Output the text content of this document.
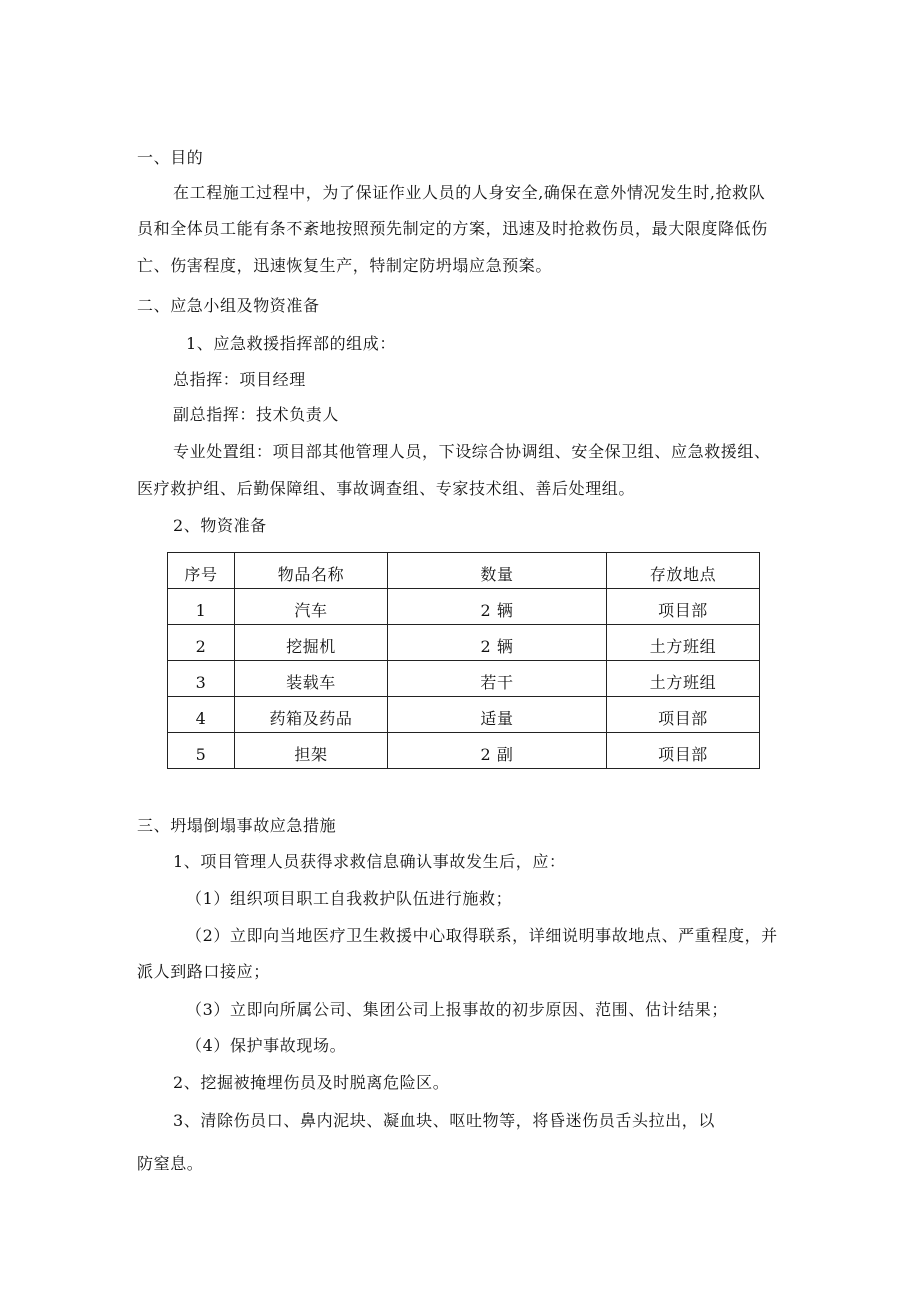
一、目的
在工程施工过程中，为了保证作业人员的人身安全,确保在意外情况发生时,抢救队
员和全体员工能有条不紊地按照预先制定的方案，迅速及时抢救伤员，最大限度降低伤
亡、伤害程度，迅速恢复生产，特制定防坍塌应急预案。
二、应急小组及物资准备
1、应急救援指挥部的组成：
总指挥：项目经理
副总指挥：技术负责人
专业处置组：项目部其他管理人员，下设综合协调组、安全保卫组、应急救援组、
医疗救护组、后勤保障组、事故调查组、专家技术组、善后处理组。
2、物资准备
序号	物品名称	数量	存放地点
1	汽车	2 辆	项目部
2	挖掘机	2 辆	土方班组
3	装载车	若干	土方班组
4	药箱及药品	适量	项目部
5	担架	2 副	项目部
三、坍塌倒塌事故应急措施
1、项目管理人员获得求救信息确认事故发生后，应：
（1）组织项目职工自我救护队伍进行施救；
（2）立即向当地医疗卫生救援中心取得联系，详细说明事故地点、严重程度，并
派人到路口接应；
（3）立即向所属公司、集团公司上报事故的初步原因、范围、估计结果；
（4）保护事故现场。
2、挖掘被掩埋伤员及时脱离危险区。
3、清除伤员口、鼻内泥块、凝血块、呕吐物等，将昏迷伤员舌头拉出，以
防窒息。
